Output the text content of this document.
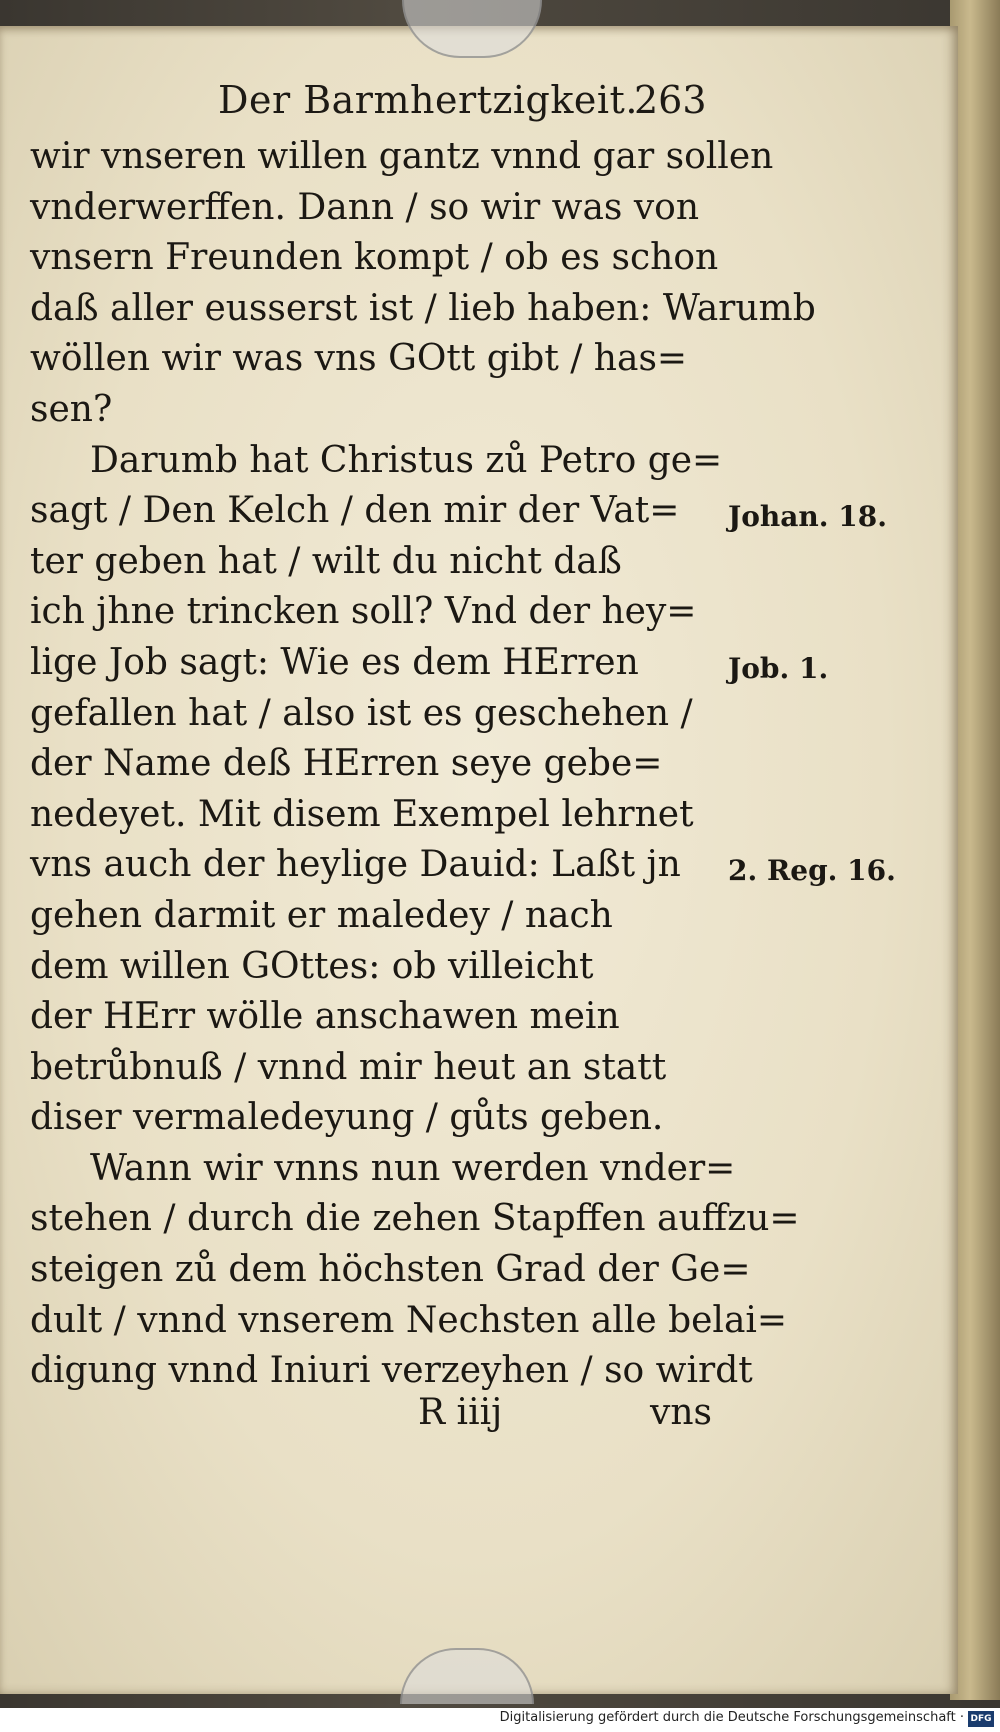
Der Barmhertzigkeit.
263
wir vnseren willen gantz vnnd gar sollen
vnderwerffen. Dann / so wir was von
vnsern Freunden kompt / ob es schon
daß aller eusserst ist / lieb haben: Warumb
wöllen wir was vns GOtt gibt / has=
sen?
Darumb hat Christus zů Petro ge=
sagt / Den Kelch / den mir der Vat=
ter geben hat / wilt du nicht daß
ich jhne trincken soll? Vnd der hey=
lige Job sagt: Wie es dem HErren
gefallen hat / also ist es geschehen /
der Name deß HErren seye gebe=
nedeyet. Mit disem Exempel lehrnet
vns auch der heylige Dauid: Laßt jn
gehen darmit er maledey / nach
dem willen GOttes: ob villeicht
der HErr wölle anschawen mein
betrůbnuß / vnnd mir heut an statt
diser vermaledeyung / gůts geben.
Wann wir vnns nun werden vnder=
stehen / durch die zehen Stapffen auffzu=
steigen zů dem höchsten Grad der Ge=
dult / vnnd vnserem Nechsten alle belai=
digung vnnd Iniuri verzeyhen / so wirdt
Johan. 18.
Job. 1.
2. Reg. 16.
R iiij	vns
Digitalisierung gefördert durch die Deutsche Forschungsgemeinschaft · DFG
